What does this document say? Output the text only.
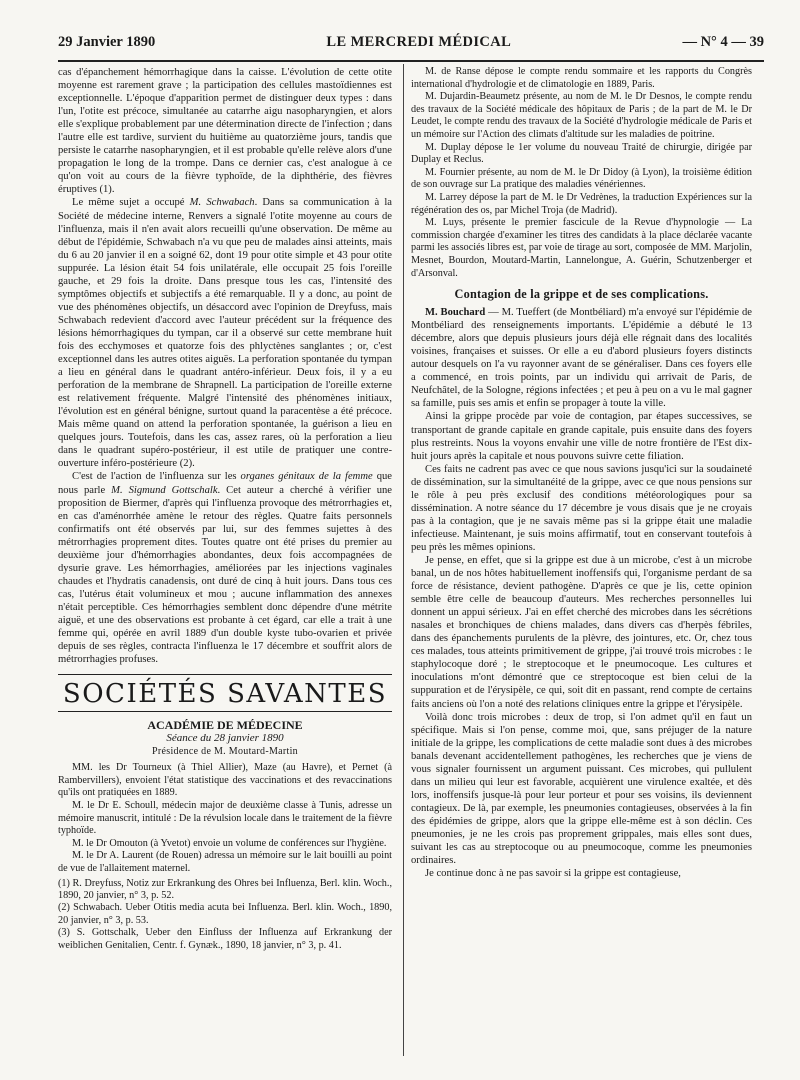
29 Janvier 1890	LE MERCREDI MÉDICAL	— N° 4 — 39

cas d'épanchement hémorrhagique dans la caisse. L'évolution de cette otite moyenne est rarement grave ; la participation des cellules mastoïdiennes est exceptionnelle. L'époque d'apparition permet de distinguer deux types : dans l'un, l'otite est précoce, simultanée au catarrhe aigu nasopharyngien, et alors elle s'explique probablement par une détermination directe de l'infection ; dans l'autre elle est tardive, survient du huitième au quatorzième jours, tandis que persiste le catarrhe nasopharyngien, et il est probable qu'elle relève alors d'une propagation le long de la trompe. Dans ce dernier cas, c'est analogue à ce qu'on voit au cours de la fièvre typhoïde, de la diphthérie, des fièvres éruptives (1).

Le même sujet a occupé M. Schwabach. Dans sa communication à la Société de médecine interne, Renvers a signalé l'otite moyenne au cours de l'influenza, mais il n'en avait alors recueilli qu'une observation. De même au début de l'épidémie, Schwabach n'a vu que peu de malades ainsi atteints, mais du 6 au 20 janvier il en a soigné 62, dont 19 pour otite simple et 43 pour otite suppurée. La lésion était 54 fois unilatérale, elle occupait 25 fois l'oreille gauche, et 29 fois la droite. Dans presque tous les cas, l'intensité des symptômes objectifs et subjectifs a été remarquable. Il y a donc, au point de vue des phénomènes objectifs, un désaccord avec l'opinion de Dreyfuss, mais Schwabach redevient d'accord avec l'auteur précédent sur la fréquence des lésions hémorrhagiques du tympan, car il a observé sur cette membrane huit fois des ecchymoses et quatorze fois des phlyctènes sanglantes ; or, c'est exceptionnel dans les autres otites aiguës. La perforation spontanée du tympan a lieu en général dans le quadrant antéro-inférieur. Deux fois, il y a eu perforation de la membrane de Shrapnell. La participation de l'oreille externe est relativement fréquente. Malgré l'intensité des phénomènes initiaux, l'évolution est en général bénigne, surtout quand la paracentèse a été précoce. Mais même quand on attend la perforation spontanée, la guérison a lieu en quelques jours. Toutefois, dans les cas, assez rares, où la perforation a lieu dans le quadrant supéro-postérieur, il est utile de pratiquer une contre-ouverture inféro-postérieure (2).

C'est de l'action de l'influenza sur les organes génitaux de la femme que nous parle M. Sigmund Gottschalk. Cet auteur a cherché à vérifier une proposition de Biermer, d'après qui l'influenza provoque des métrorrhagies et, en cas d'aménorrhée amène le retour des règles. Quatre faits personnels confirmatifs ont été observés par lui, sur des femmes sujettes à des métrorrhagies proprement dites. Toutes quatre ont été prises du premier au deuxième jour d'hémorrhagies abondantes, deux fois accompagnées de dysurie grave. Les hémorrhagies, améliorées par les injections vaginales chaudes et l'hydratis canadensis, ont duré de cinq à huit jours. Dans tous ces cas, l'utérus était volumineux et mou ; aucune inflammation des annexes n'était perceptible. Ces hémorrhagies semblent donc dépendre d'une métrite aiguë, et une des observations est probante à cet égard, car elle a trait à une femme qui, opérée en avril 1889 d'un double kyste tubo-ovarien et privée depuis de ses règles, contracta l'influenza le 17 décembre et souffrit alors de métrorrhagies profuses.

SOCIÉTÉS SAVANTES
ACADÉMIE DE MÉDECINE
Séance du 28 janvier 1890
Présidence de M. Moutard-Martin

MM. les Dr Tourneux (à Thiel Allier), Maze (au Havre), et Pernet (à Rambervillers), envoient l'état statistique des vaccinations et des revaccinations qu'ils ont pratiquées en 1889.

M. le Dr E. Schoull, médecin major de deuxième classe à Tunis, adresse un mémoire manuscrit, intitulé : De la révulsion locale dans le traitement de la fièvre typhoïde.

M. le Dr Omouton (à Yvetot) envoie un volume de conférences sur l'hygiène.

M. le Dr A. Laurent (de Rouen) adressa un mémoire sur le lait bouilli au point de vue de l'allaitement maternel.

(1) R. Dreyfuss, Notiz zur Erkrankung des Ohres bei Influenza, Berl. klin. Woch., 1890, 20 janvier, n° 3, p. 52.

(2) Schwabach. Ueber Otitis media acuta bei Influenza. Berl. klin. Woch., 1890, 20 janvier, n° 3, p. 53.

(3) S. Gottschalk, Ueber den Einfluss der Influenza auf Erkrankung der weiblichen Genitalien, Centr. f. Gynæk., 1890, 18 janvier, n° 3, p. 41.

M. de Ranse dépose le compte rendu sommaire et les rapports du Congrès international d'hydrologie et de climatologie en 1889, Paris.

M. Dujardin-Beaumetz présente, au nom de M. le Dr Desnos, le compte rendu des travaux de la Société médicale des hôpitaux de Paris ; de la part de M. le Dr Leudet, le compte rendu des travaux de la Société d'hydrologie médicale de Paris et un mémoire sur l'Action des climats d'altitude sur les maladies de poitrine.

M. Duplay dépose le 1er volume du nouveau Traité de chirurgie, dirigée par Duplay et Reclus.

M. Fournier présente, au nom de M. le Dr Didoy (à Lyon), la troisième édition de son ouvrage sur La pratique des maladies vénériennes.

M. Larrey dépose la part de M. le Dr Vedrènes, la traduction Expériences sur la régénération des os, par Michel Troja (de Madrid).

M. Luys, présente le premier fascicule de la Revue d'hypnologie — La commission chargée d'examiner les titres des candidats à la place déclarée vacante parmi les associés libres est, par voie de tirage au sort, composée de MM. Marjolin, Mesnet, Bourdon, Moutard-Martin, Lannelongue, A. Guérin, Schutzenberger et d'Arsonval.

Contagion de la grippe et de ses complications.

M. Bouchard — M. Tueffert (de Montbéliard) m'a envoyé sur l'épidémie de Montbéliard des renseignements importants. L'épidémie a débuté le 13 décembre, alors que depuis plusieurs jours déjà elle régnait dans des localités voisines, françaises et suisses. Or elle a eu d'abord plusieurs foyers distincts autour desquels on l'a vu rayonner avant de se généraliser. Dans ces foyers elle a commencé, en trois points, par un individu qui arrivait de Paris, de Neufchâtel, de la Sologne, régions infectées ; et peu à peu on a vu le mal gagner sa famille, puis ses amis et enfin se propager à toute la ville.

Ainsi la grippe procède par voie de contagion, par étapes successives, se transportant de grande capitale en grande capitale, puis ensuite dans des foyers plus restreints. Nous la voyons envahir une ville de notre frontière de l'Est dix-huit jours après la capitale et nous pouvons suivre cette filiation.

Ces faits ne cadrent pas avec ce que nous savions jusqu'ici sur la soudaineté de dissémination, sur la simultanéité de la grippe, avec ce que nous pensions sur le rôle à peu près exclusif des conditions météorologiques pour sa dissémination. A notre séance du 17 décembre je vous disais que je ne croyais pas à la contagion, que je ne savais même pas si la grippe était une maladie infectieuse. Maintenant, je suis moins affirmatif, tout en conservant toutefois à peu près les mêmes opinions.

Je pense, en effet, que si la grippe est due à un microbe, c'est à un microbe banal, un de nos hôtes habituellement inoffensifs qui, l'organisme perdant de sa force de résistance, devient pathogène. D'après ce que je lis, cette opinion semble être celle de beaucoup d'auteurs. Mes recherches personnelles lui donnent un appui sérieux. J'ai en effet cherché des microbes dans les sécrétions nasales et bronchiques de chiens malades, dans divers cas d'herpès fébriles, dans des épanchements purulents de la plèvre, des jointures, etc. Or, chez tous ces malades, tous atteints primitivement de grippe, j'ai trouvé trois microbes : le staphylocoque doré ; le streptocoque et le pneumocoque. Les cultures et inoculations m'ont démontré que ce streptocoque est bien celui de la suppuration et de l'érysipèle, ce qui, soit dit en passant, rend compte de certains faits anciens où l'on a noté des relations cliniques entre la grippe et l'érysipèle.

Voilà donc trois microbes : deux de trop, si l'on admet qu'il en faut un spécifique. Mais si l'on pense, comme moi, que, sans préjuger de la nature initiale de la grippe, les complications de cette maladie sont dues à des microbes banals devenant accidentellement pathogènes, les recherches que je viens de vous signaler fournissent un argument puissant. Ces microbes, qui pullulent dans un milieu qui leur est favorable, acquièrent une virulence exaltée, et dès lors, inoffensifs jusque-là pour leur porteur et pour ses voisins, ils deviennent contagieux. De là, par exemple, les pneumonies contagieuses, observées à la fin des épidémies de grippe, alors que la grippe elle-même est à son déclin. Ces pneumonies, je ne les crois pas proprement grippales, mais elles sont dues, suivant les cas au streptocoque ou au pneumocoque, comme les pneumonies ordinaires.

Je continue donc à ne pas savoir si la grippe est contagieuse,
